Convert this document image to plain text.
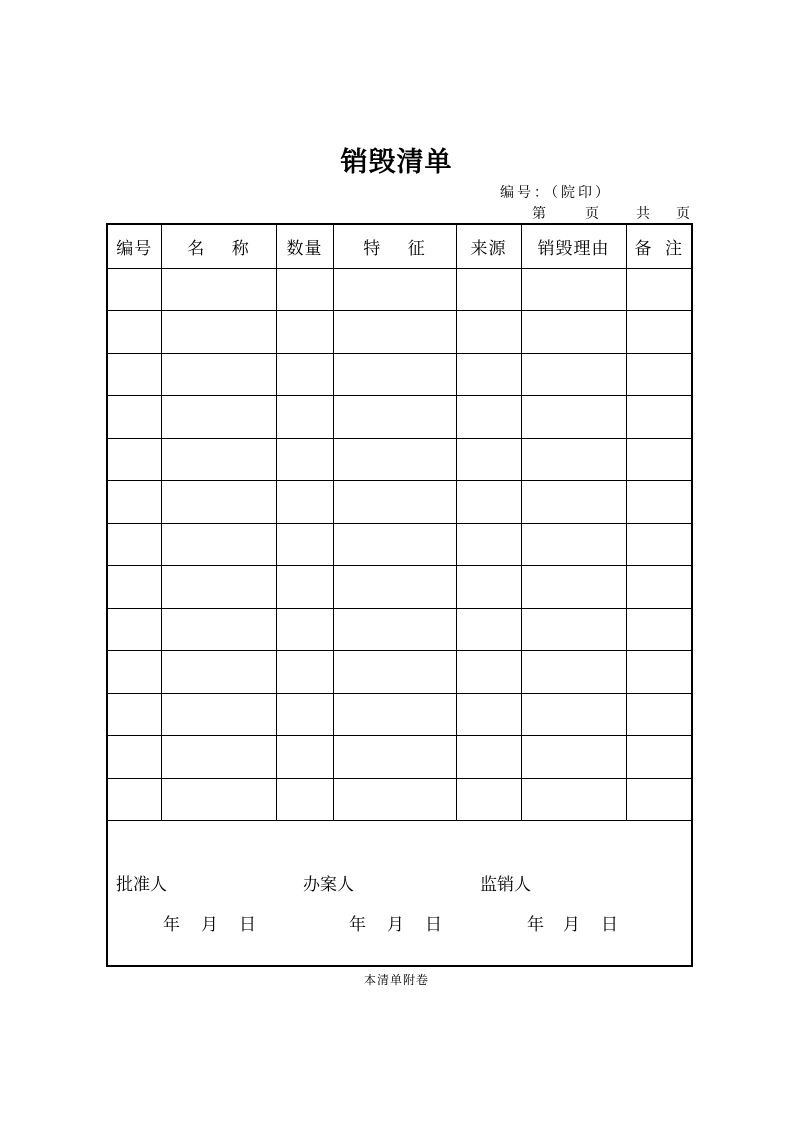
销毁清单
编号：（院印）
第	页	共 页
编号	名 称	数量	特 征	来源	销毁理由	备 注

批准人	办案人	监销人
年 月 日	年 月 日	年 月 日
本清单附卷
